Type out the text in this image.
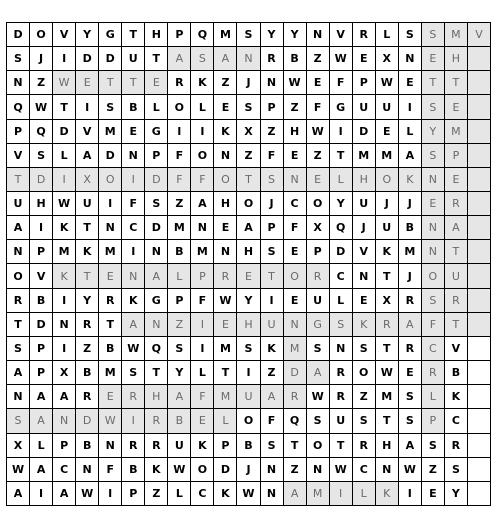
D	O	V	Y	G	T	H	P	Q	M	S	Y	Y	N	V	R	L	S	S	M	V
S	J	I	D	D	U	T	A	S	A	N	R	B	Z	W	E	X	N	E	H
N	Z	W	E	T	T	E	R	K	Z	J	N	W	E	F	P	W	E	T	T
Q	W	T	I	S	B	L	O	L	E	S	P	Z	F	G	U	U	I	S	E
P	Q	D	V	M	E	G	I	I	K	X	Z	H	W	I	D	E	L	Y	M
V	S	L	A	D	N	P	F	O	N	Z	F	E	Z	T	M	M	A	S	P
T	D	I	X	O	I	D	F	F	O	T	S	N	E	L	H	O	K	N	E
U	H	W	U	I	F	S	Z	A	H	O	J	C	O	Y	U	J	J	E	R
A	I	K	T	N	C	D	M	N	E	A	P	F	X	Q	J	U	B	N	A
N	P	M	K	M	I	N	B	M	N	H	S	E	P	D	V	K	M	N	T
O	V	K	T	E	N	A	L	P	R	E	T	O	R	C	N	T	J	O	U
R	B	I	Y	R	K	G	P	F	W	Y	I	E	U	L	E	X	R	S	R
T	D	N	R	T	A	N	Z	I	E	H	U	N	G	S	K	R	A	F	T
S	P	I	Z	B	W	Q	S	I	M	S	K	M	S	N	S	T	R	C	V
A	P	X	B	M	S	T	Y	L	T	I	Z	D	A	R	O	W	E	R	B
N	A	A	R	E	R	H	A	F	M	U	A	R	W	R	Z	M	S	L	K
S	A	N	D	W	I	R	B	E	L	O	F	Q	S	U	S	T	S	P	C
X	L	P	B	N	R	R	U	K	P	B	S	T	O	T	R	H	A	S	R
W	A	C	N	F	B	K	W	O	D	J	N	Z	N	W	C	N	W	Z	S
A	I	A	W	I	P	Z	L	C	K	W	N	A	M	I	L	K	I	E	Y
